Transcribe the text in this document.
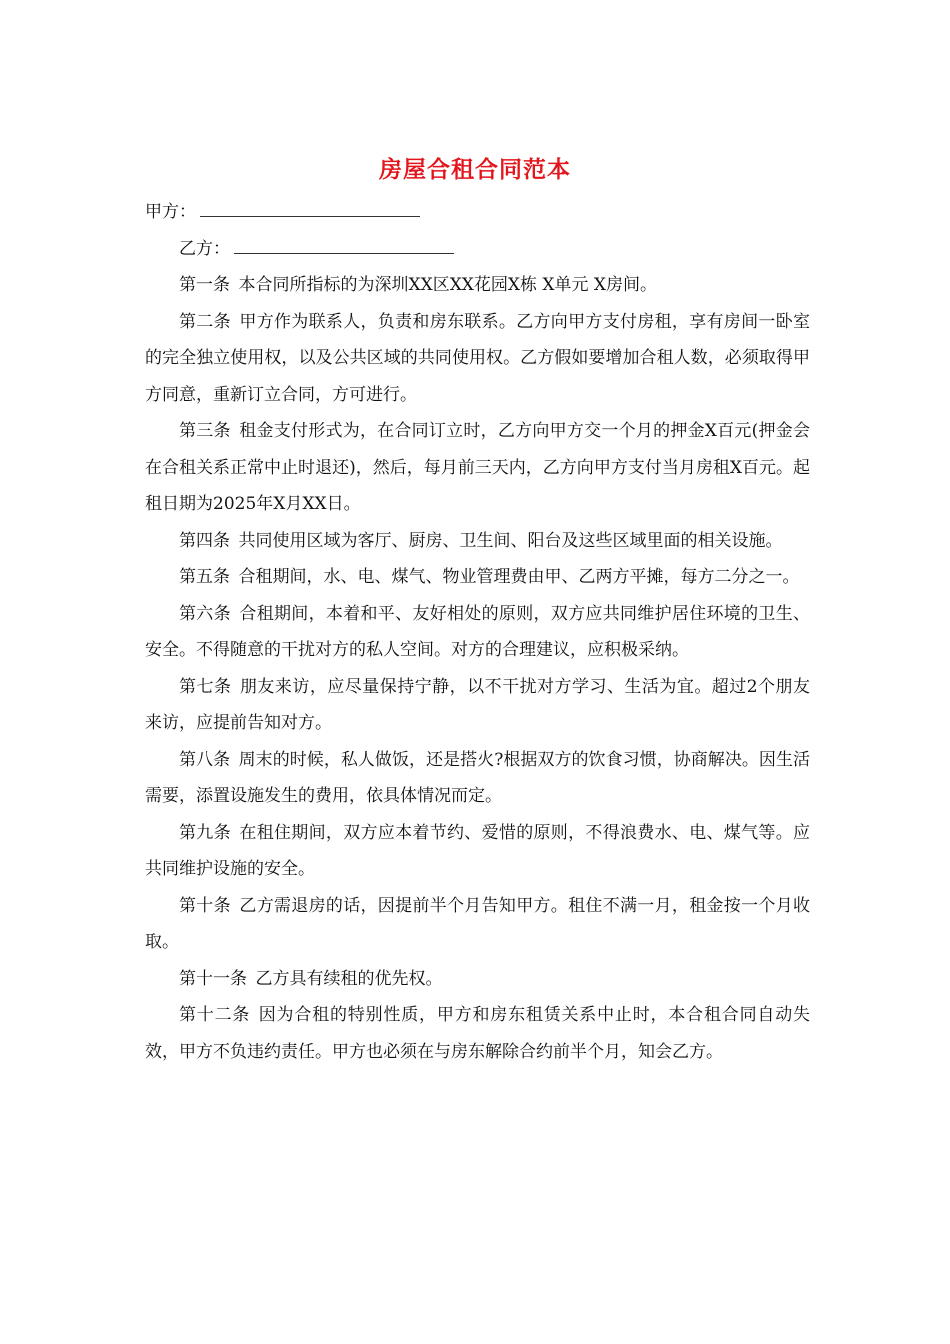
房屋合租合同范本

甲方：

乙方：

第一条 本合同所指标的为深圳XX区XX花园X栋 X单元 X房间。

第二条 甲方作为联系人，负责和房东联系。乙方向甲方支付房租，享有房间一卧室的完全独立使用权，以及公共区域的共同使用权。乙方假如要增加合租人数，必须取得甲方同意，重新订立合同，方可进行。

第三条 租金支付形式为，在合同订立时，乙方向甲方交一个月的押金X百元(押金会在合租关系正常中止时退还)，然后，每月前三天内，乙方向甲方支付当月房租X百元。起租日期为2025年X月XX日。

第四条 共同使用区域为客厅、厨房、卫生间、阳台及这些区域里面的相关设施。

第五条 合租期间，水、电、煤气、物业管理费由甲、乙两方平摊，每方二分之一。

第六条 合租期间，本着和平、友好相处的原则，双方应共同维护居住环境的卫生、安全。不得随意的干扰对方的私人空间。对方的合理建议，应积极采纳。

第七条 朋友来访，应尽量保持宁静，以不干扰对方学习、生活为宜。超过2个朋友来访，应提前告知对方。

第八条 周末的时候，私人做饭，还是搭火?根据双方的饮食习惯，协商解决。因生活需要，添置设施发生的费用，依具体情况而定。

第九条 在租住期间，双方应本着节约、爱惜的原则，不得浪费水、电、煤气等。应共同维护设施的安全。

第十条 乙方需退房的话，因提前半个月告知甲方。租住不满一月，租金按一个月收取。

第十一条 乙方具有续租的优先权。

第十二条 因为合租的特别性质，甲方和房东租赁关系中止时，本合租合同自动失效，甲方不负违约责任。甲方也必须在与房东解除合约前半个月，知会乙方。
